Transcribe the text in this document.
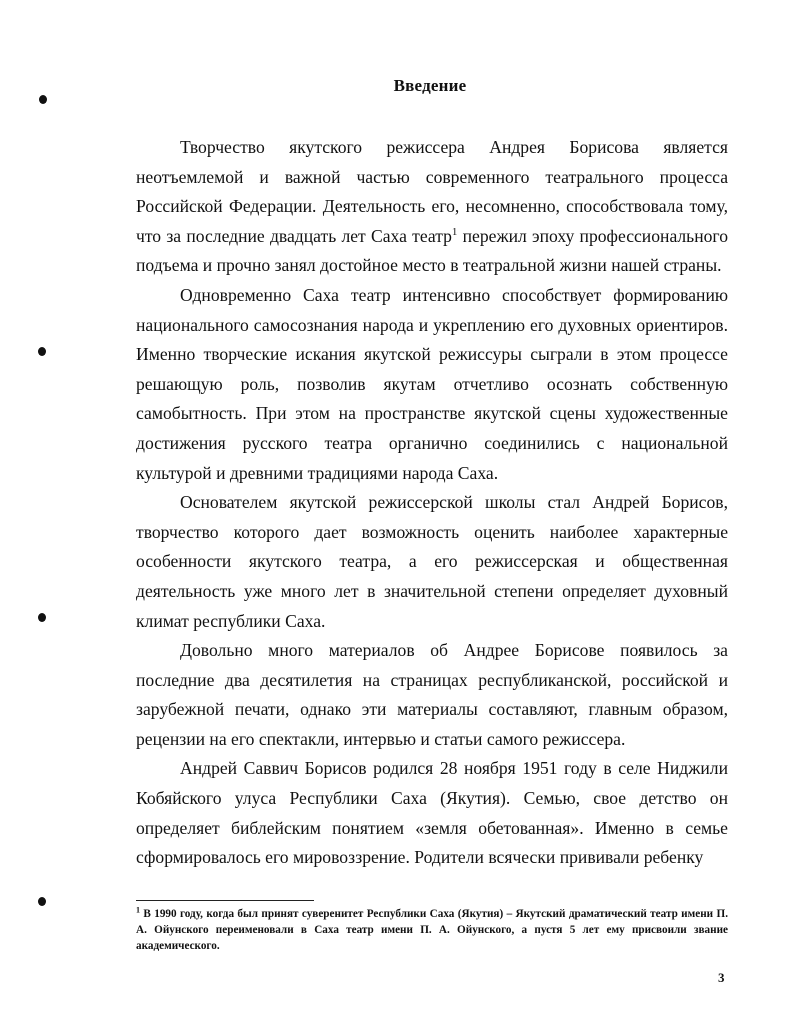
Введение

Творчество якутского режиссера Андрея Борисова является неотъемлемой и важной частью современного театрального процесса Российской Федерации. Деятельность его, несомненно, способствовала тому, что за последние двадцать лет Саха театр$^1$ пережил эпоху профессионального подъема и прочно занял достойное место в театральной жизни нашей страны.

Одновременно Саха театр интенсивно способствует формированию национального самосознания народа и укреплению его духовных ориентиров. Именно творческие искания якутской режиссуры сыграли в этом процессе решающую роль, позволив якутам отчетливо осознать собственную самобытность. При этом на пространстве якутской сцены художественные достижения русского театра органично соединились с национальной культурой и древними традициями народа Саха.

Основателем якутской режиссерской школы стал Андрей Борисов, творчество которого дает возможность оценить наиболее характерные особенности якутского театра, а его режиссерская и общественная деятельность уже много лет в значительной степени определяет духовный климат республики Саха.

Довольно много материалов об Андрее Борисове появилось за последние два десятилетия на страницах республиканской, российской и зарубежной печати, однако эти материалы составляют, главным образом, рецензии на его спектакли, интервью и статьи самого режиссера.

Андрей Саввич Борисов родился 28 ноября 1951 году в селе Ниджили Кобяйского улуса Республики Саха (Якутия). Семью, свое детство он определяет библейским понятием «земля обетованная». Именно в семье сформировалось его мировоззрение. Родители всячески прививали ребенку

$^1$ В 1990 году, когда был принят суверенитет Республики Саха (Якутия) – Якутский драматический театр имени П. А. Ойунского переименовали в Саха театр имени П. А. Ойунского, а пустя 5 лет ему присвоили звание академического.
3
